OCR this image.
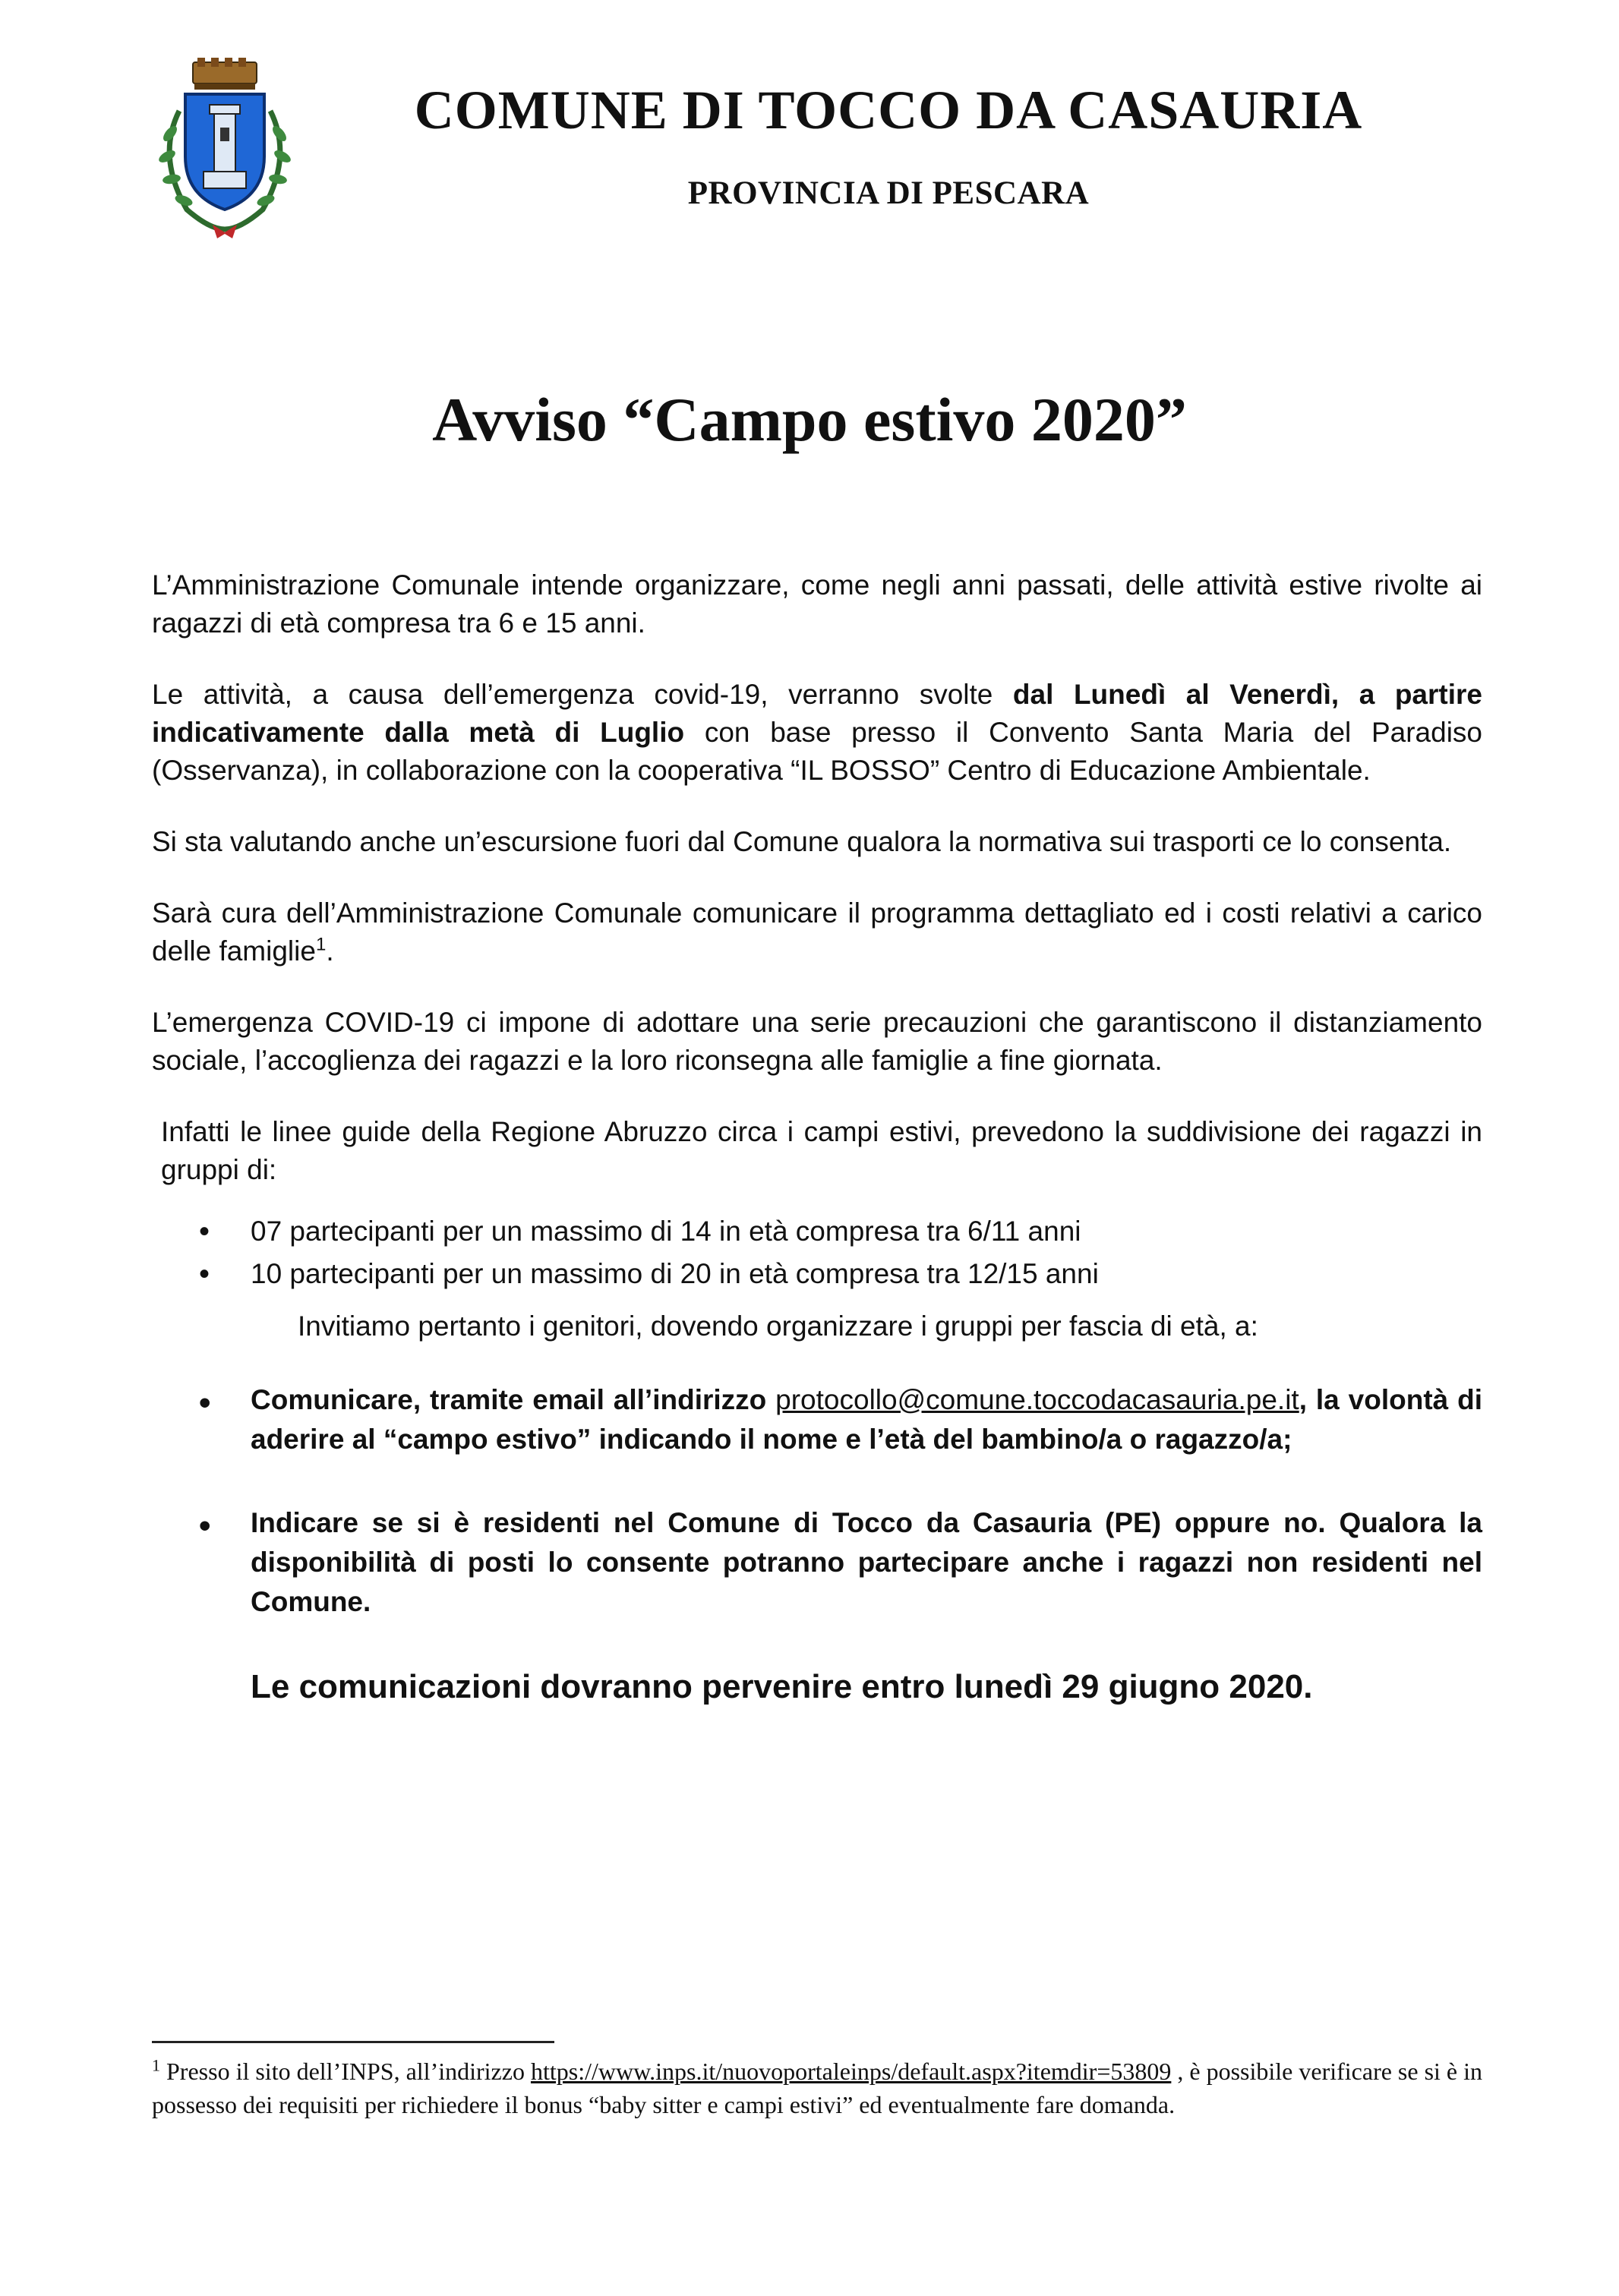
COMUNE DI TOCCO DA CASAURIA
PROVINCIA DI PESCARA
Avviso “Campo estivo 2020”

L’Amministrazione Comunale intende organizzare, come negli anni passati, delle attività estive rivolte ai ragazzi di età compresa tra 6 e 15 anni.

Le attività, a causa dell’emergenza covid-19, verranno svolte dal Lunedì al Venerdì, a partire indicativamente dalla metà di Luglio con base presso il Convento Santa Maria del Paradiso (Osservanza), in collaborazione con la cooperativa “IL BOSSO” Centro di Educazione Ambientale.

Si sta valutando anche un’escursione fuori dal Comune qualora la normativa sui trasporti ce lo consenta.

Sarà cura dell’Amministrazione Comunale comunicare il programma dettagliato ed i costi relativi a carico delle famiglie$^1$.

L’emergenza COVID-19 ci impone di adottare una serie precauzioni che garantiscono il distanziamento sociale, l’accoglienza dei ragazzi e la loro riconsegna alle famiglie a fine giornata.

Infatti le linee guide della Regione Abruzzo circa i campi estivi, prevedono la suddivisione dei ragazzi in gruppi di:

• 07 partecipanti per un massimo di 14 in età compresa tra 6/11 anni
• 10 partecipanti per un massimo di 20 in età compresa tra 12/15 anni

Invitiamo pertanto i genitori, dovendo organizzare i gruppi per fascia di età, a:

• Comunicare, tramite email all’indirizzo protocollo@comune.toccodacasauria.pe.it, la volontà di aderire al “campo estivo” indicando il nome e l’età del bambino/a o ragazzo/a;
• Indicare se si è residenti nel Comune di Tocco da Casauria (PE) oppure no. Qualora la disponibilità di posti lo consente potranno partecipare anche i ragazzi non residenti nel Comune.

Le comunicazioni dovranno pervenire entro lunedì 29 giugno 2020.

$^1$ Presso il sito dell’INPS, all’indirizzo https://www.inps.it/nuovoportaleinps/default.aspx?itemdir=53809 , è possibile verificare se si è in possesso dei requisiti per richiedere il bonus “baby sitter e campi estivi” ed eventualmente fare domanda.
